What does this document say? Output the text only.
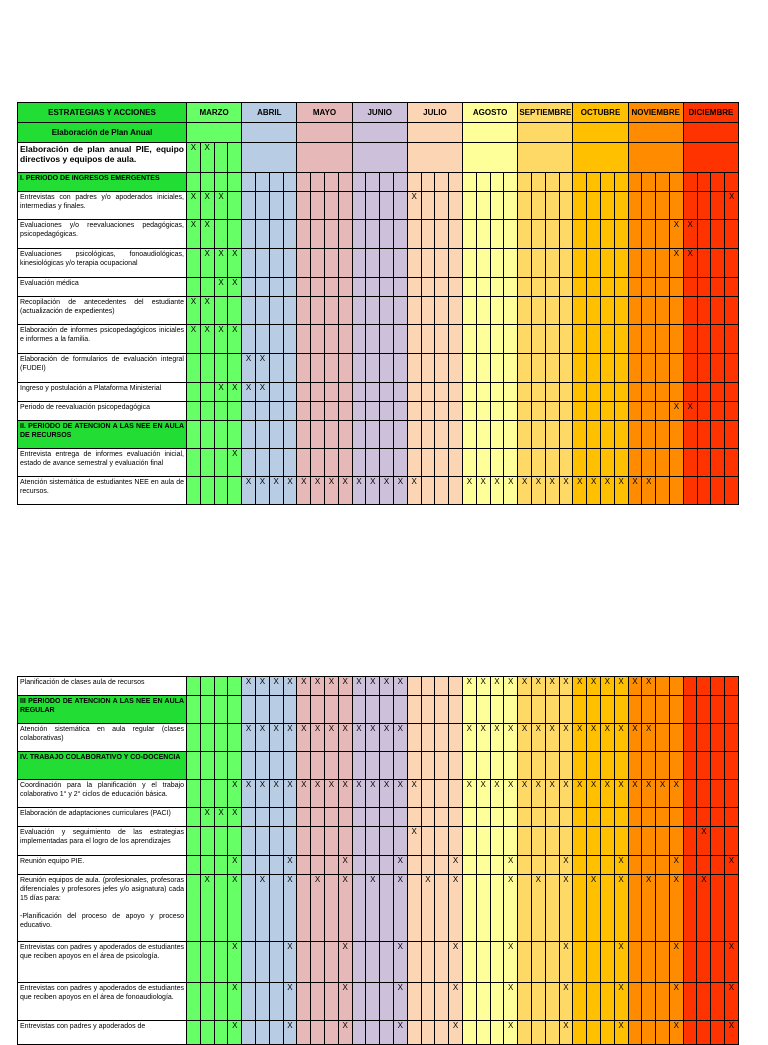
ESTRATEGIAS Y ACCIONES	MARZO				ABRIL				MAYO				JUNIO				JULIO				AGOSTO				SEPTIEMBRE				OCTUBRE				NOVIEMBRE				DICIEMBRE			
Elaboración de Plan Anual																																								
Elaboración de plan anual PIE, equipo directivos y equipos de aula.	X	X																																						
I. PERIODO DE INGRESOS EMERGENTES																																								
Entrevistas con padres y/o apoderados iniciales, intermedias y finales.	X	X	X														X																							X
Evaluaciones y/o reevaluaciones pedagógicas, psicopedagógicas.	X	X																																		X	X			
Evaluaciones psicológicas, fonoaudiológicas, kinesiológicas y/o terapia ocupacional		X	X	X																																X	X			
Evaluación médica			X	X																																				
Recopilación de antecedentes del estudiante (actualización de expedientes)	X	X																																						
Elaboración de informes psicopedagógicos iniciales e informes a la familia.	X	X	X	X																																				
Elaboración de formularios de evaluación integral (FUDEI)					X	X																																		
Ingreso y postulación a Plataforma Ministerial			X	X	X	X																																		
Periodo de reevaluación psicopedagógica																																				X	X			
II. PERIODO DE ATENCION A LAS NEE EN AULA DE RECURSOS																																								
Entrevista entrega de informes evaluación inicial, estado de avance semestral y evaluación final				X																																				
Atención sistemática de estudiantes NEE en aula de recursos.					X	X	X	X	X	X	X	X	X	X	X	X	X				X	X	X	X	X	X	X	X	X	X	X	X	X	X						
Planificación de clases aula de recursos					X	X	X	X	X	X	X	X	X	X	X	X					X	X	X	X	X	X	X	X	X	X	X	X	X	X						
III PERIODO DE ATENCION A LAS NEE EN AULA REGULAR																																								
Atención sistemática en aula regular (clases colaborativas)					X	X	X	X	X	X	X	X	X	X	X	X					X	X	X	X	X	X	X	X	X	X	X	X	X	X						
IV. TRABAJO COLABORATIVO Y CO-DOCENCIA																																								
Coordinación para la planificación y el trabajo colaborativo 1° y 2° ciclos de educación básica.				X	X	X	X	X	X	X	X	X	X	X	X	X	X				X	X	X	X	X	X	X	X	X	X	X	X	X	X	X	X				
Elaboración de adaptaciones curriculares (PACI)		X	X	X																																				
Evaluación y seguimiento de las estrategias implementadas para el logro de los aprendizajes																	X																					X		
Reunión equipo PIE.				X				X				X				X				X				X				X				X				X				X
Reunión equipos de aula. (profesionales, profesoras diferenciales y profesores jefes y/o asignatura) cada 15 días para:

-Planificación del proceso de apoyo y proceso educativo.		X		X		X		X		X		X		X		X		X		X				X		X		X		X		X		X		X		X		
Entrevistas con padres y apoderados de estudiantes que reciben apoyos en el área de psicología.				X				X				X				X				X				X				X				X				X				X
Entrevistas con padres y apoderados de estudiantes que reciben apoyos en el área de fonoaudiología.				X				X				X				X				X				X				X				X				X				X
Entrevistas con padres y apoderados de				X				X				X				X				X				X				X				X				X				X
